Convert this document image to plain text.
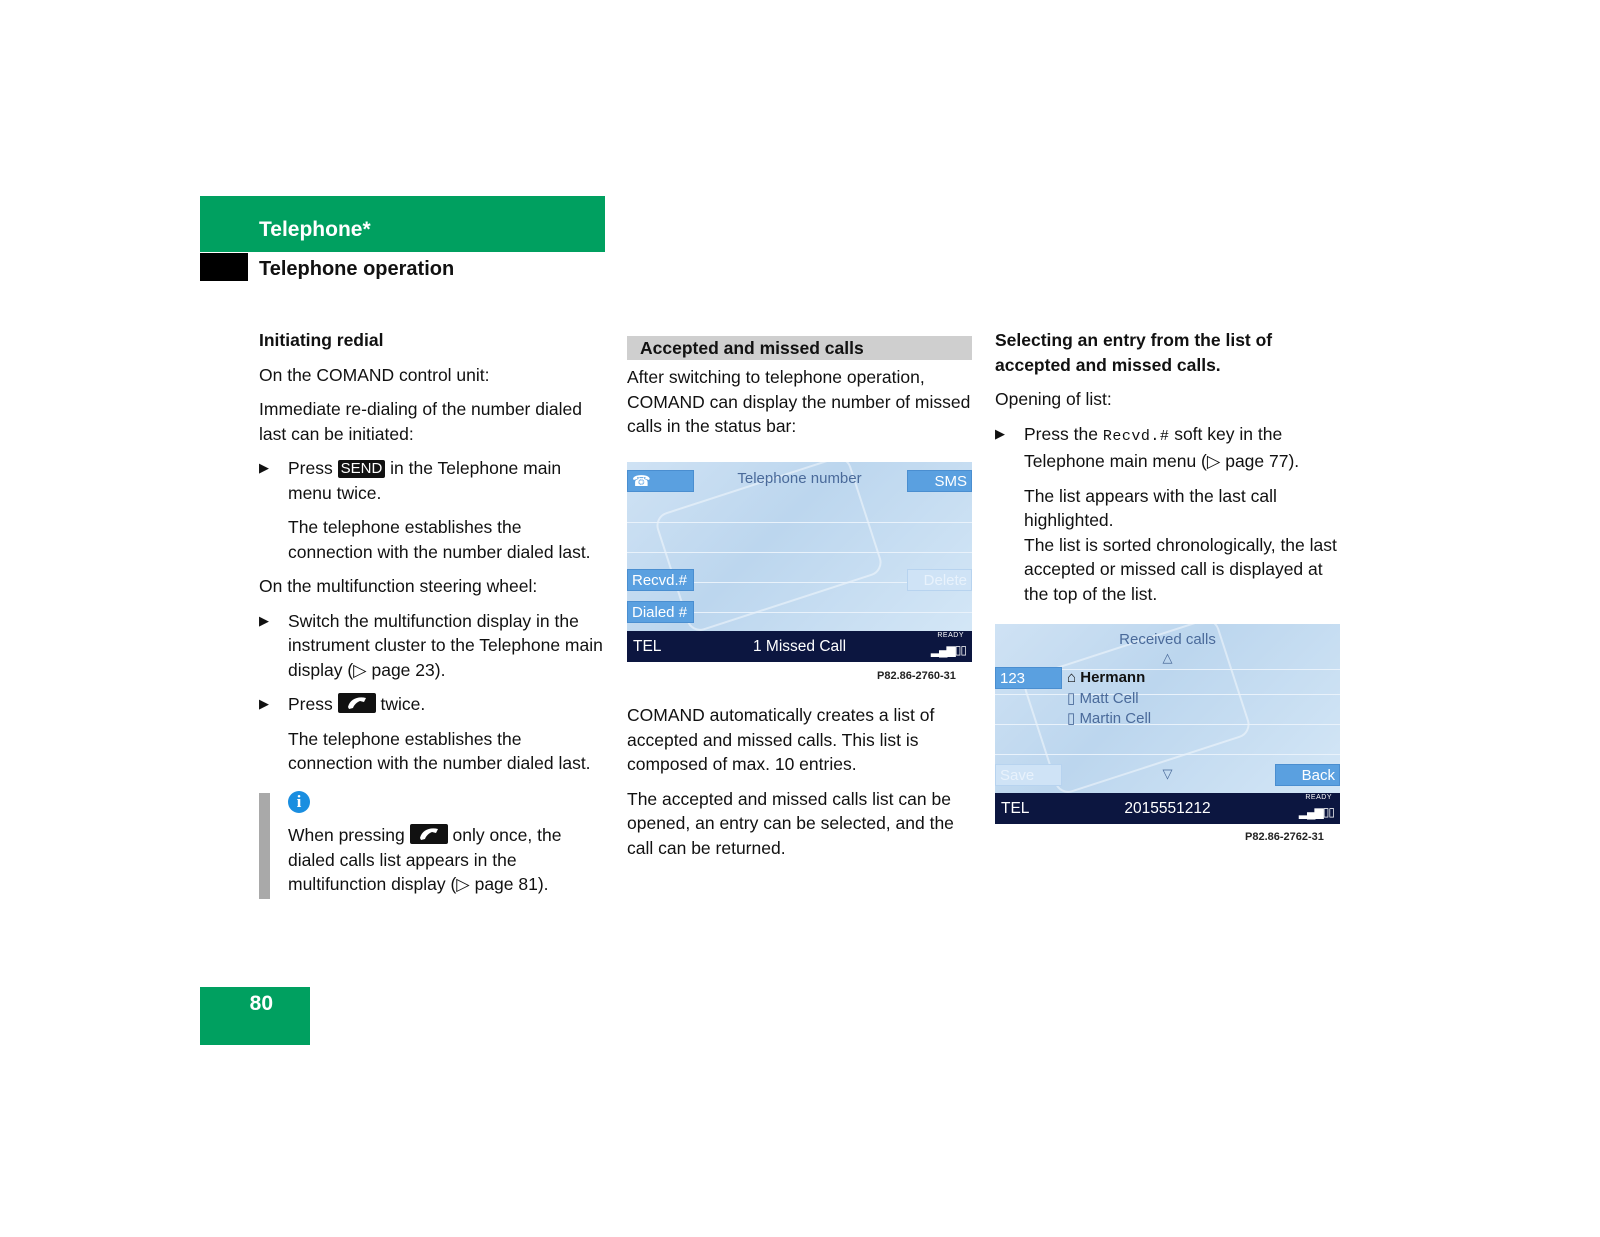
Telephone*
Telephone operation

Initiating redial

On the COMAND control unit:

Immediate re-dialing of the number dialed last can be initiated:

▶ Press SEND in the Telephone main menu twice.

The telephone establishes the connection with the number dialed last.

On the multifunction steering wheel:

▶ Switch the multifunction display in the instrument cluster to the Telephone main display (▷ page 23).
▶ Press	twice.

The telephone establishes the connection with the number dialed last.

i
When pressing	only once, the dialed calls list appears in the multifunction display (▷ page 81).
Accepted and missed calls

After switching to telephone operation, COMAND can display the number of missed calls in the status bar:

☎	Telephone number	SMS
Recvd.#	Delete
Dialed #
TEL	1 Missed Call
READY
▂▄▆▯▯
P82.86-2760-31

COMAND automatically creates a list of accepted and missed calls. This list is composed of max. 10 entries.

The accepted and missed calls list can be opened, an entry can be selected, and the call can be returned.

Selecting an entry from the list of accepted and missed calls.

Opening of list:

▶ Press the Recvd.# soft key in the Telephone main menu (▷ page 77).

The list appears with the last call highlighted.

The list is sorted chronologically, the last accepted or missed call is displayed at the top of the list.

Received calls
△
123	⌂ Hermann
▯ Matt Cell
▯ Martin Cell
Save	▽	Back
TEL	2015551212
READY
▂▄▆▯▯
P82.86-2762-31
80
